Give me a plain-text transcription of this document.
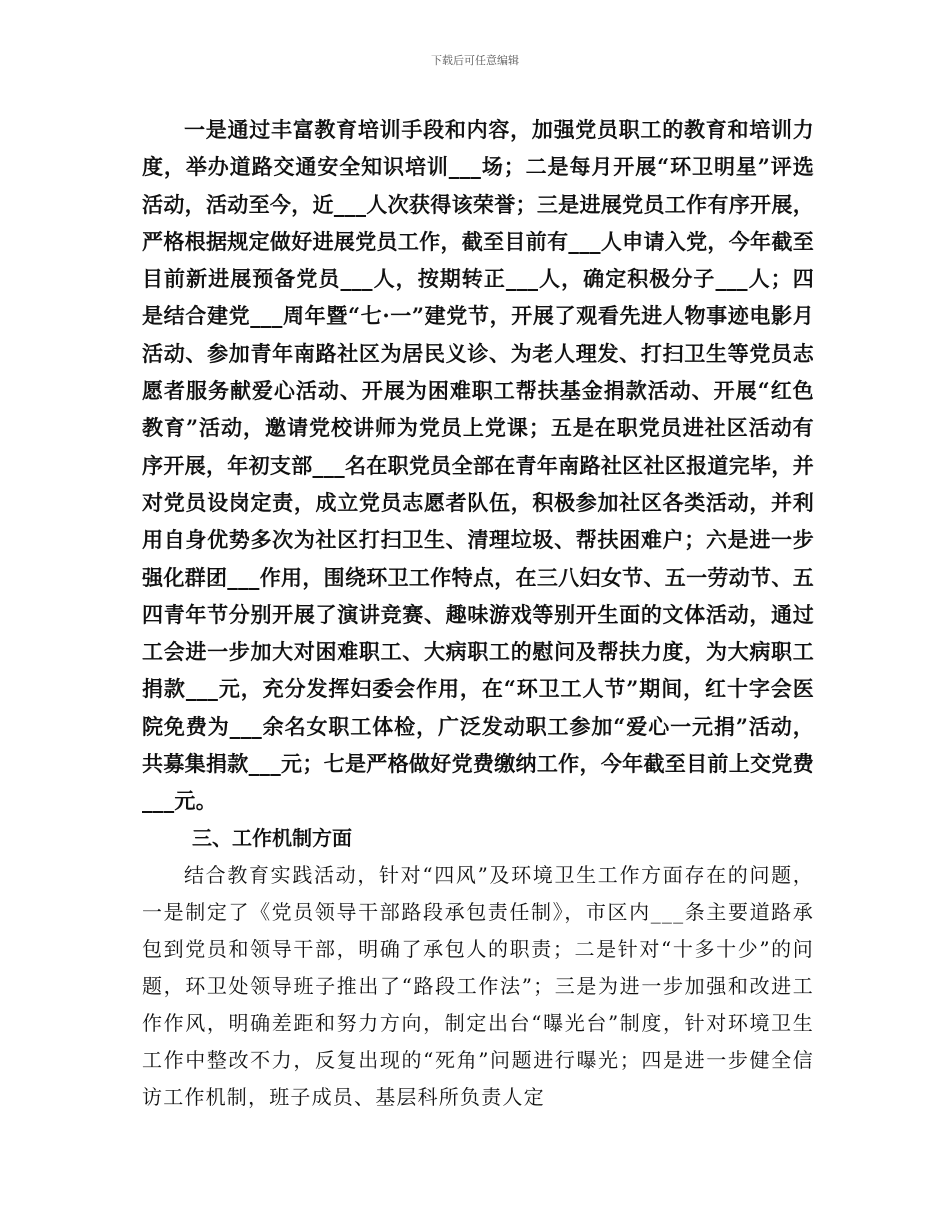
下载后可任意编辑

一是通过丰富教育培训手段和内容，加强党员职工的教育和培训力度，举办道路交通安全知识培训___场；二是每月开展“环卫明星”评选活动，活动至今，近___人次获得该荣誉；三是进展党员工作有序开展，严格根据规定做好进展党员工作，截至目前有___人申请入党，今年截至目前新进展预备党员___人，按期转正___人，确定积极分子___人；四是结合建党___周年暨“七·一”建党节，开展了观看先进人物事迹电影月活动、参加青年南路社区为居民义诊、为老人理发、打扫卫生等党员志愿者服务献爱心活动、开展为困难职工帮扶基金捐款活动、开展“红色教育”活动，邀请党校讲师为党员上党课；五是在职党员进社区活动有序开展，年初支部___名在职党员全部在青年南路社区社区报道完毕，并对党员设岗定责，成立党员志愿者队伍，积极参加社区各类活动，并利用自身优势多次为社区打扫卫生、清理垃圾、帮扶困难户；六是进一步强化群团___作用，围绕环卫工作特点，在三八妇女节、五一劳动节、五四青年节分别开展了演讲竞赛、趣味游戏等别开生面的文体活动，通过工会进一步加大对困难职工、大病职工的慰问及帮扶力度，为大病职工捐款___元，充分发挥妇委会作用，在“环卫工人节”期间，红十字会医院免费为___余名女职工体检，广泛发动职工参加“爱心一元捐”活动，共募集捐款___元；七是严格做好党费缴纳工作，今年截至目前上交党费___元。

三、工作机制方面

结合教育实践活动，针对“四风”及环境卫生工作方面存在的问题，一是制定了《党员领导干部路段承包责任制》，市区内___条主要道路承包到党员和领导干部，明确了承包人的职责；二是针对“十多十少”的问题，环卫处领导班子推出了“路段工作法”；三是为进一步加强和改进工作作风，明确差距和努力方向，制定出台“曝光台”制度，针对环境卫生工作中整改不力，反复出现的“死角”问题进行曝光；四是进一步健全信访工作机制，班子成员、基层科所负责人定
